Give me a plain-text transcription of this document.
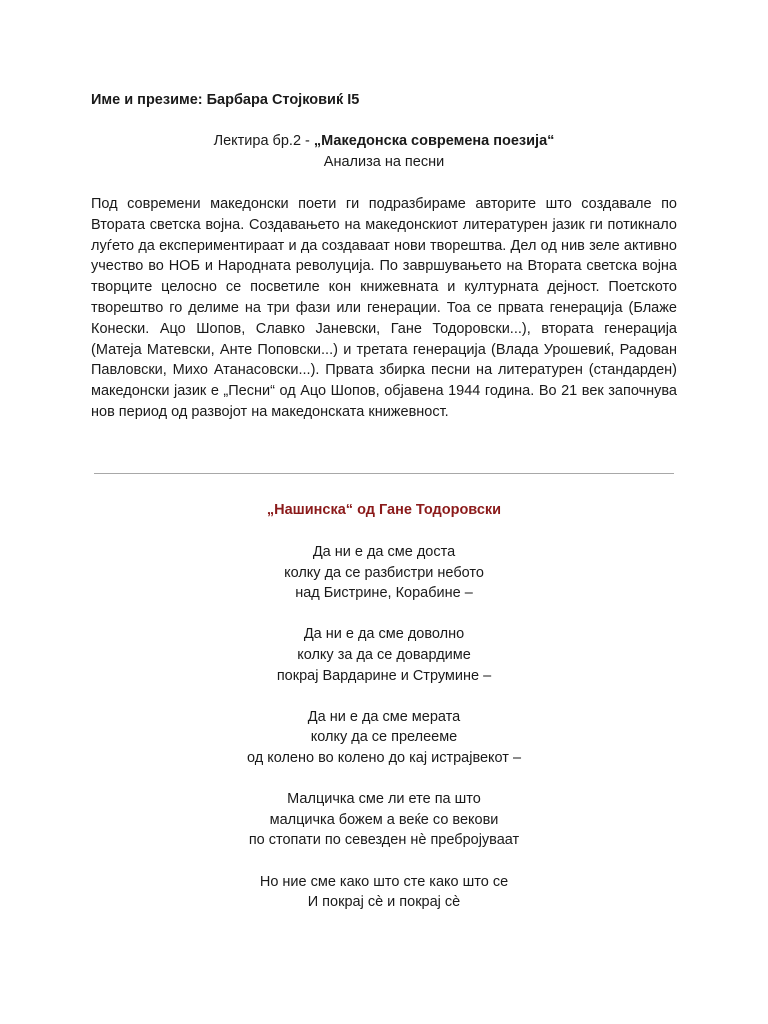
Име и презиме: Барбара Стојковиќ I5
Лектира бр.2 - „Македонска современа поезија“
Анализа на песни
Под современи македонски поети ги подразбираме авторите што создавале по Втората светска војна. Создавањето на македонскиот литературен јазик ги потикнало луѓето да експериментираат и да создаваат нови творештва. Дел од нив зеле активно учество во НОБ и Народната револуција. По завршувањето на Втората светска војна творците целосно се посветиле кон книжевната и културната дејност. Поетското творештво го делиме на три фази или генерации. Тоа се првата генерација (Блаже Конески. Ацо Шопов, Славко Јаневски, Гане Тодоровски...), втората генерација (Матеја Матевски, Анте Поповски...) и третата генерација (Влада Урошевиќ, Радован Павловски, Михо Атанасовски...). Првата збирка песни на литературен (стандарден) македонски јазик е „Песни“ од Ацо Шопов, објавена 1944 година. Во 21 век започнува нов период од развојот на македонската книжевност.
„Нашинска“ од Гане Тодоровски
Да ни е да сме доста
колку да се разбистри небото
над Бистрине, Корабине –
Да ни е да сме доволно
колку за да се довардиме
покрај Вардарине и Струмине –
Да ни е да сме мерата
колку да се прелееме
од колено во колено до кај истрајвекот –
Малцичка сме ли ете па што
малцичка божем а веќе со векови
по стопати по севезден нѐ пребројуваат
Но ние сме како што сте како што се
И покрај сѐ и покрај сѐ
